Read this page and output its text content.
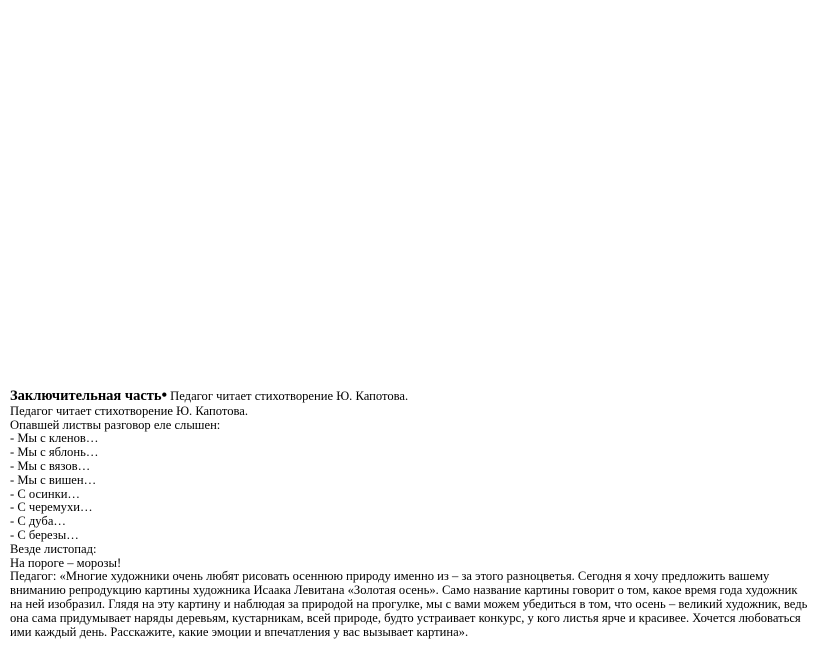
Заключительная часть• Педагог читает стихотворение Ю. Капотова.
Педагог читает стихотворение Ю. Капотова.
Опавшей листвы разговор еле слышен:
- Мы с кленов…
- Мы с яблонь…
- Мы с вязов…
- Мы с вишен…
- С осинки…
- С черемухи…
- С дуба…
- С березы…
Везде листопад:
На пороге – морозы!
Педагог: «Многие художники очень любят рисовать осеннюю природу именно из – за этого разноцветья. Сегодня я хочу предложить вашему вниманию репродукцию картины художника Исаака Левитана «Золотая осень». Само название картины говорит о том, какое время года художник на ней изобразил. Глядя на эту картину и наблюдая за природой на прогулке, мы с вами можем убедиться в том, что осень – великий художник, ведь она сама придумывает наряды деревьям, кустарникам, всей природе, будто устраивает конкурс, у кого листья ярче и красивее. Хочется любоваться ими каждый день. Расскажите, какие эмоции и впечатления у вас вызывает картина».
